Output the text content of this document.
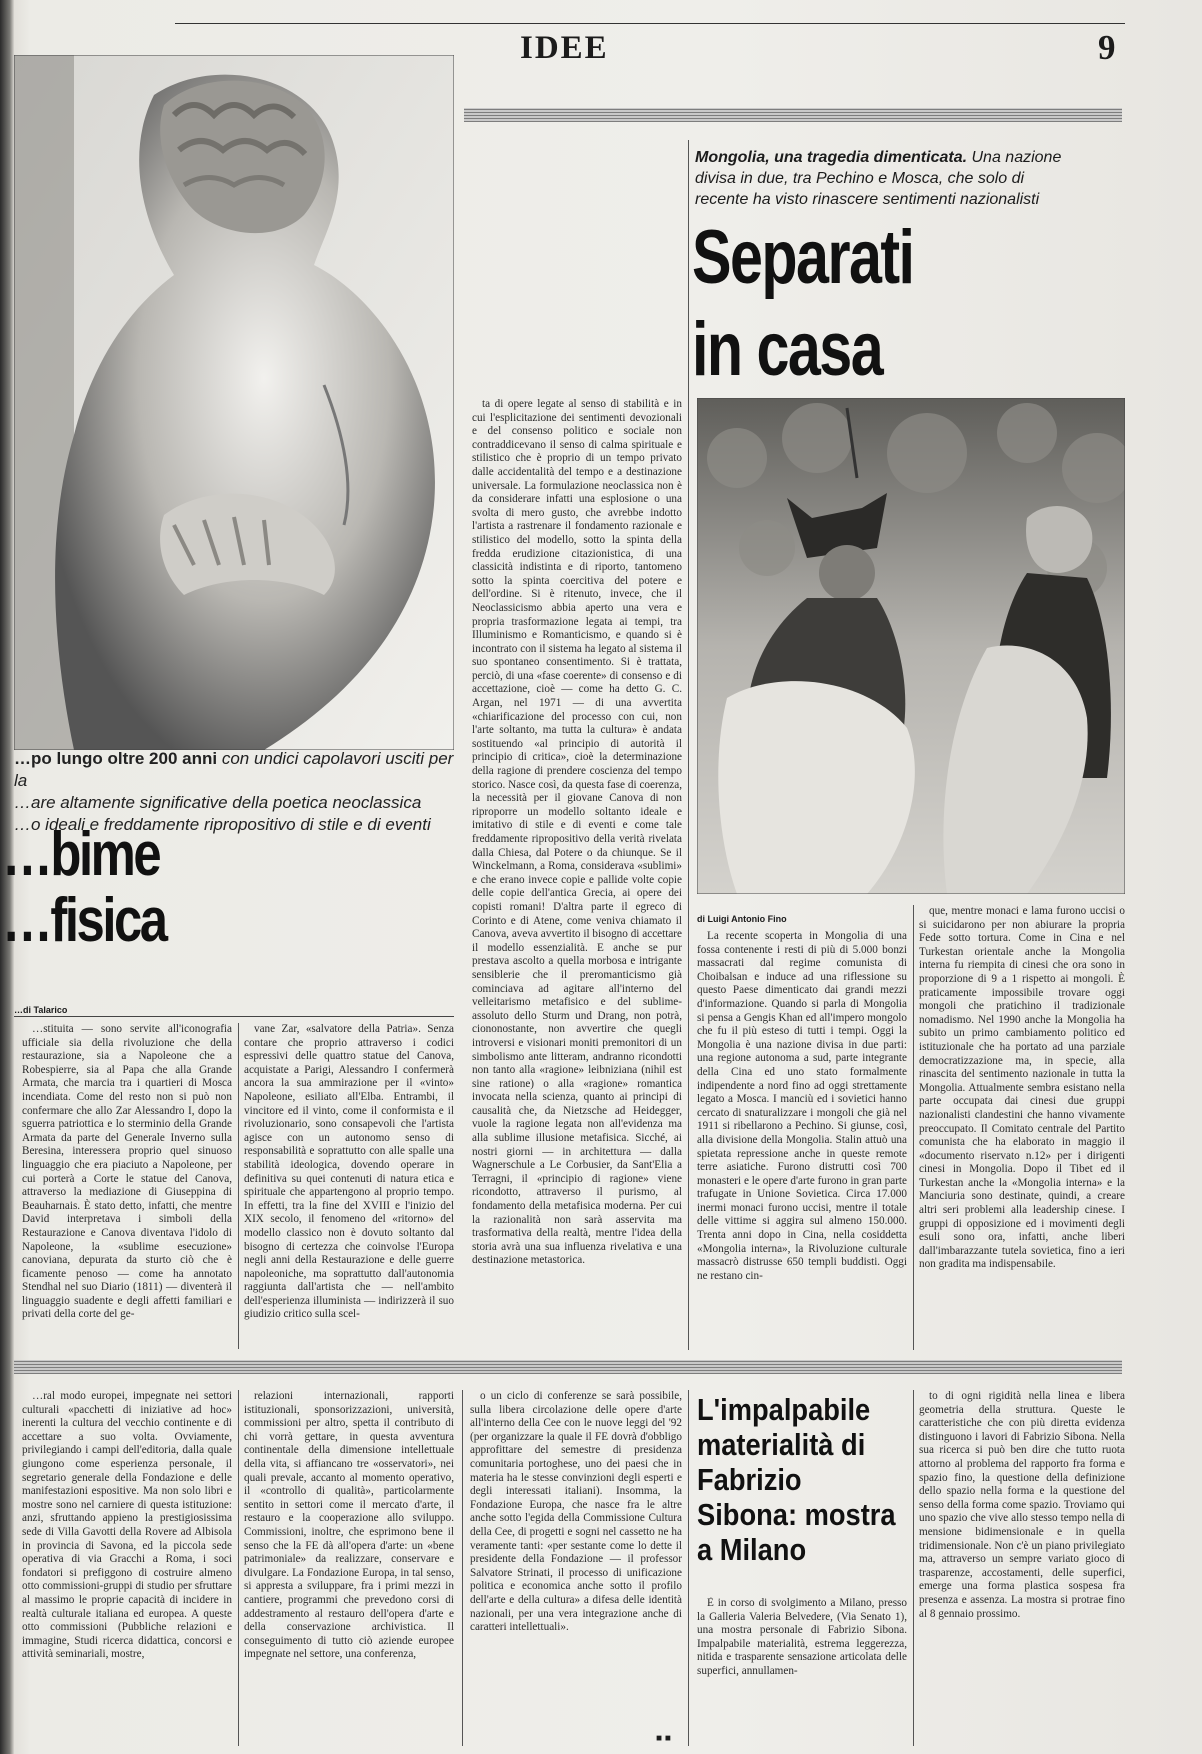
IDEE	9
…po lungo oltre 200 anni con undici capolavori usciti per la
…are altamente significative della poetica neoclassica
…o ideali e freddamente ripropositivo di stile e di eventi
…bime
…fisica
…di Talarico

…stituita — sono servite all'iconografia ufficiale sia della rivoluzione che della restaurazione, sia a Napoleone che a Robespierre, sia al Papa che alla Grande Armata, che marcia tra i quartieri di Mosca incendiata. Come del resto non si può non confermare che allo Zar Alessandro I, dopo la sguerra patriottica e lo sterminio della Grande Armata da parte del Generale Inverno sulla Beresina, interessera proprio quel sinuoso linguaggio che era piaciuto a Napoleone, per cui porterà a Corte le statue del Canova, attraverso la mediazione di Giuseppina di Beauharnais. È stato detto, infatti, che mentre David interpretava i simboli della Restaurazione e Canova diventava l'idolo di Napoleone, la «sublime esecuzione» canoviana, depurata da sturto ciò che è ficamente penoso — come ha annotato Stendhal nel suo Diario (1811) — diventerà il linguaggio suadente e degli affetti familiari e privati della corte del ge-

vane Zar, «salvatore della Patria». Senza contare che proprio attraverso i codici espressivi delle quattro statue del Canova, acquistate a Parigi, Alessandro I confermerà ancora la sua ammirazione per il «vinto» Napoleone, esiliato all'Elba. Entrambi, il vincitore ed il vinto, come il conformista e il rivoluzionario, sono consapevoli che l'artista agisce con un autonomo senso di responsabilità e soprattutto con alle spalle una stabilità ideologica, dovendo operare in definitiva su quei contenuti di natura etica e spirituale che appartengono al proprio tempo. In effetti, tra la fine del XVIII e l'inizio del XIX secolo, il fenomeno del «ritorno» del modello classico non è dovuto soltanto dal bisogno di certezza che coinvolse l'Europa negli anni della Restaurazione e delle guerre napoleoniche, ma soprattutto dall'autonomia raggiunta dall'artista che — nell'ambito dell'esperienza illuminista — indirizzerà il suo giudizio critico sulla scel-

ta di opere legate al senso di stabilità e in cui l'esplicitazione dei sentimenti devozionali e del consenso politico e sociale non contraddicevano il senso di calma spirituale e stilistico che è proprio di un tempo privato dalle accidentalità del tempo e a destinazione universale. La formulazione neoclassica non è da considerare infatti una esplosione o una svolta di mero gusto, che avrebbe indotto l'artista a rastrenare il fondamento razionale e stilistico del modello, sotto la spinta della fredda erudizione citazionistica, di una classicità indistinta e di riporto, tantomeno sotto la spinta coercitiva del potere e dell'ordine. Si è ritenuto, invece, che il Neoclassicismo abbia aperto una vera e propria trasformazione legata ai tempi, tra Illuminismo e Romanticismo, e quando si è incontrato con il sistema ha legato al sistema il suo spontaneo consentimento. Si è trattata, perciò, di una «fase coerente» di consenso e di accettazione, cioè — come ha detto G. C. Argan, nel 1971 — di una avvertita «chiarificazione del processo con cui, non l'arte soltanto, ma tutta la cultura» è andata sostituendo «al principio di autorità il principio di critica», cioè la determinazione della ragione di prendere coscienza del tempo storico. Nasce così, da questa fase di coerenza, la necessità per il giovane Canova di non riproporre un modello soltanto ideale e imitativo di stile e di eventi e come tale freddamente ripropositivo della verità rivelata dalla Chiesa, dal Potere o da chiunque. Se il Winckelmann, a Roma, considerava «sublimi» e che erano invece copie e pallide volte copie delle copie dell'antica Grecia, ai opere dei copisti romani! D'altra parte il egreco di Corinto e di Atene, come veniva chiamato il Canova, aveva avvertito il bisogno di accettare il modello essenzialità. E anche se pur prestava ascolto a quella morbosa e intrigante sensiblerie che il preromanticismo già cominciava ad agitare all'interno del velleitarismo metafisico e del sublime-assoluto dello Sturm und Drang, non potrà, ciononostante, non avvertire che quegli introversi e visionari moniti premonitori di un simbolismo ante litteram, andranno ricondotti non tanto alla «ragione» leibniziana (nihil est sine ratione) o alla «ragione» romantica invocata nella scienza, quanto ai principi di causalità che, da Nietzsche ad Heidegger, vuole la ragione legata non all'evidenza ma alla sublime illusione metafisica. Sicché, ai nostri giorni — in architettura — dalla Wagnerschule a Le Corbusier, da Sant'Elia a Terragni, il «principio di ragione» viene ricondotto, attraverso il purismo, al fondamento della metafisica moderna. Per cui la razionalità non sarà asservita ma trasformativa della realtà, mentre l'idea della storia avrà una sua influenza rivelativa e una destinazione metastorica.

Mongolia, una tragedia dimenticata. Una nazione divisa in due, tra Pechino e Mosca, che solo di recente ha visto rinascere sentimenti nazionalisti
Separati
in casa
di Luigi Antonio Fino

La recente scoperta in Mongolia di una fossa contenente i resti di più di 5.000 bonzi massacrati dal regime comunista di Choibalsan e induce ad una riflessione su questo Paese dimenticato dai grandi mezzi d'informazione. Quando si parla di Mongolia si pensa a Gengis Khan ed all'impero mongolo che fu il più esteso di tutti i tempi. Oggi la Mongolia è una nazione divisa in due parti: una regione autonoma a sud, parte integrante della Cina ed uno stato formalmente indipendente a nord fino ad oggi strettamente legato a Mosca. I manciù ed i sovietici hanno cercato di snaturalizzare i mongoli che già nel 1911 si ribellarono a Pechino. Si giunse, così, alla divisione della Mongolia. Stalin attuò una spietata repressione anche in queste remote terre asiatiche. Furono distrutti così 700 monasteri e le opere d'arte furono in gran parte trafugate in Unione Sovietica. Circa 17.000 inermi monaci furono uccisi, mentre il totale delle vittime si aggira sul almeno 150.000. Trenta anni dopo in Cina, nella cosiddetta «Mongolia interna», la Rivoluzione culturale massacrò distrusse 650 templi buddisti. Oggi ne restano cin-

que, mentre monaci e lama furono uccisi o si suicidarono per non abiurare la propria Fede sotto tortura. Come in Cina e nel Turkestan orientale anche la Mongolia interna fu riempita di cinesi che ora sono in proporzione di 9 a 1 rispetto ai mongoli. È praticamente impossibile trovare oggi mongoli che pratichino il tradizionale nomadismo. Nel 1990 anche la Mongolia ha subito un primo cambiamento politico ed istituzionale che ha portato ad una parziale democratizzazione ma, in specie, alla rinascita del sentimento nazionale in tutta la Mongolia. Attualmente sembra esistano nella parte occupata dai cinesi due gruppi nazionalisti clandestini che hanno vivamente preoccupato. Il Comitato centrale del Partito comunista che ha elaborato in maggio il «documento riservato n.12» per i dirigenti cinesi in Mongolia. Dopo il Tibet ed il Turkestan anche la «Mongolia interna» e la Manciuria sono destinate, quindi, a creare altri seri problemi alla leadership cinese. I gruppi di opposizione ed i movimenti degli esuli sono ora, infatti, anche liberi dall'imbarazzante tutela sovietica, fino a ieri non gradita ma indispensabile.

…ral modo europei, impegnate nei settori culturali «pacchetti di iniziative ad hoc» inerenti la cultura del vecchio continente e di accettare a suo volta. Ovviamente, privilegiando i campi dell'editoria, dalla quale giungono come esperienza personale, il segretario generale della Fondazione e delle manifestazioni espositive. Ma non solo libri e mostre sono nel carniere di questa istituzione: anzi, sfruttando appieno la prestigiosissima sede di Villa Gavotti della Rovere ad Albisola in provincia di Savona, ed la piccola sede operativa di via Gracchi a Roma, i soci fondatori si prefiggono di costruire almeno otto commissioni-gruppi di studio per sfruttare al massimo le proprie capacità di incidere in realtà culturale italiana ed europea. A queste otto commissioni (Pubbliche relazioni e immagine, Studi ricerca didattica, concorsi e attività seminariali, mostre,

relazioni internazionali, rapporti istituzionali, sponsorizzazioni, università, commissioni per altro, spetta il contributo di chi vorrà gettare, in questa avventura continentale della dimensione intellettuale della vita, si affiancano tre «osservatori», nei quali prevale, accanto al momento operativo, il «controllo di qualità», particolarmente sentito in settori come il mercato d'arte, il restauro e la cooperazione allo sviluppo. Commissioni, inoltre, che esprimono bene il senso che la FE dà all'opera d'arte: un «bene patrimoniale» da realizzare, conservare e divulgare. La Fondazione Europa, in tal senso, si appresta a sviluppare, fra i primi mezzi in cantiere, programmi che prevedono corsi di addestramento al restauro dell'opera d'arte e della conservazione archivistica. Il conseguimento di tutto ciò aziende europee impegnate nel settore, una conferenza,

o un ciclo di conferenze se sarà possibile, sulla libera circolazione delle opere d'arte all'interno della Cee con le nuove leggi del '92 (per organizzare la quale il FE dovrà d'obbligo approfittare del semestre di presidenza comunitaria portoghese, uno dei paesi che in materia ha le stesse convinzioni degli esperti e degli interessati italiani). Insomma, la Fondazione Europa, che nasce fra le altre anche sotto l'egida della Commissione Cultura della Cee, di progetti e sogni nel cassetto ne ha veramente tanti: «per sestante come lo dette il presidente della Fondazione — il professor Salvatore Strinati, il processo di unificazione politica e economica anche sotto il profilo dell'arte e della cultura» a difesa delle identità nazionali, per una vera integrazione anche di caratteri intellettuali».

■ ■
L'impalpabile materialità di Fabrizio Sibona: mostra a Milano

È in corso di svolgimento a Milano, presso la Galleria Valeria Belvedere, (Via Senato 1), una mostra personale di Fabrizio Sibona. Impalpabile materialità, estrema leggerezza, nitida e trasparente sensazione articolata delle superfici, annullamen-

to di ogni rigidità nella linea e libera geometria della struttura. Queste le caratteristiche che con più diretta evidenza distinguono i lavori di Fabrizio Sibona. Nella sua ricerca si può ben dire che tutto ruota attorno al problema del rapporto fra forma e spazio fino, la questione della definizione dello spazio nella forma e la questione del senso della forma come spazio. Troviamo qui uno spazio che vive allo stesso tempo nella di mensione bidimensionale e in quella tridimensionale. Non c'è un piano privilegiato ma, attraverso un sempre variato gioco di trasparenze, accostamenti, delle superfici, emerge una forma plastica sospesa fra presenza e assenza. La mostra si protrae fino al 8 gennaio prossimo.
